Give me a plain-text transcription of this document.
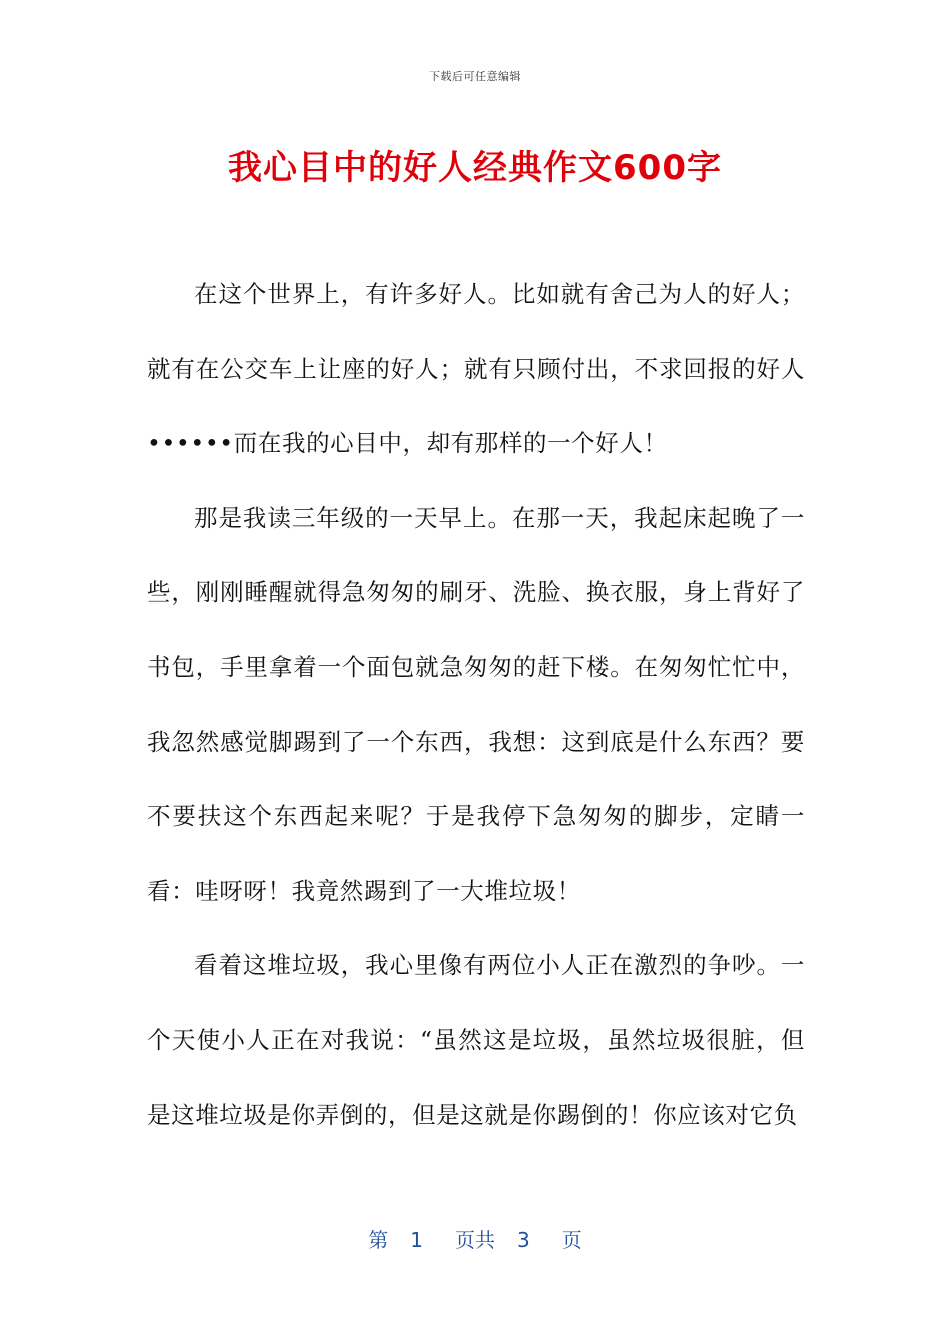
下载后可任意编辑
我心目中的好人经典作文600字

在这个世界上，有许多好人。比如就有舍己为人的好人；就有在公交车上让座的好人；就有只顾付出，不求回报的好人••••••而在我的心目中，却有那样的一个好人！

那是我读三年级的一天早上。在那一天，我起床起晚了一些，刚刚睡醒就得急匆匆的刷牙、洗脸、换衣服，身上背好了书包，手里拿着一个面包就急匆匆的赶下楼。在匆匆忙忙中，我忽然感觉脚踢到了一个东西，我想：这到底是什么东西？要不要扶这个东西起来呢？于是我停下急匆匆的脚步，定睛一看：哇呀呀！我竟然踢到了一大堆垃圾！

看着这堆垃圾，我心里像有两位小人正在激烈的争吵。一个天使小人正在对我说：“虽然这是垃圾，虽然垃圾很脏，但是这堆垃圾是你弄倒的，但是这就是你踢倒的！你应该对它负

第 1 页共 3 页
